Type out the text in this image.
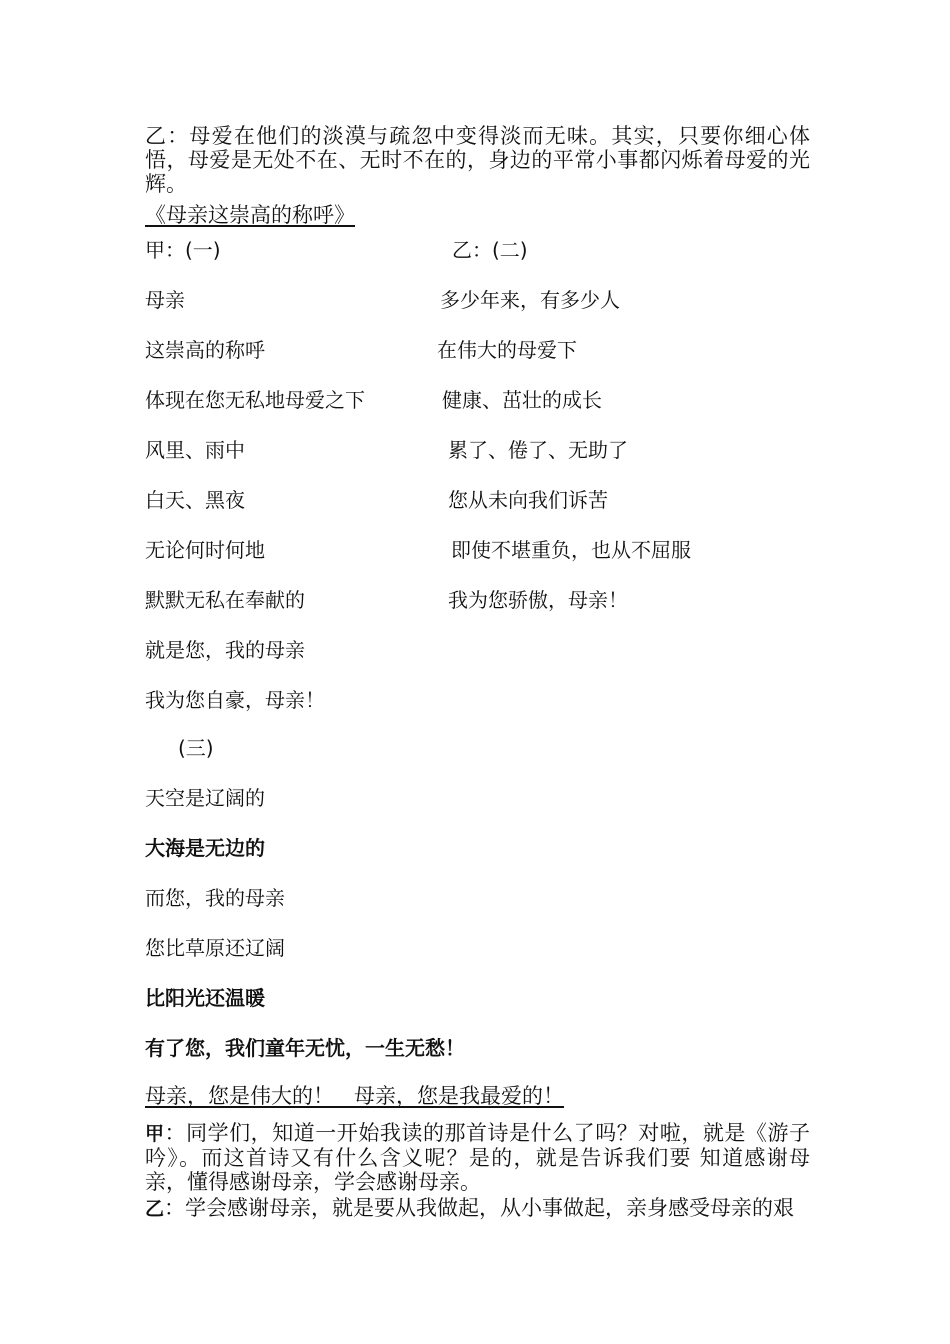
乙：母爱在他们的淡漠与疏忽中变得淡而无味。其实，只要你细心体悟，母爱是无处不在、无时不在的，身边的平常小事都闪烁着母爱的光辉。

《母亲这崇高的称呼》

甲：(一)

母亲

这崇高的称呼

体现在您无私地母爱之下

风里、雨中

白天、黑夜

无论何时何地

默默无私在奉献的

就是您，我的母亲

我为您自豪，母亲！

乙：(二)

多少年来，有多少人

在伟大的母爱下

健康、茁壮的成长

累了、倦了、无助了

您从未向我们诉苦

即使不堪重负，也从不屈服

我为您骄傲，母亲！

(三)

天空是辽阔的

大海是无边的

而您，我的母亲

您比草原还辽阔

比阳光还温暖

有了您，我们童年无忧，一生无愁！

母亲，您是伟大的！   母亲，您是我最爱的！

甲：同学们，知道一开始我读的那首诗是什么了吗？对啦，就是《游子吟》。而这首诗又有什么含义呢？是的，就是告诉我们要 知道感谢母亲，懂得感谢母亲，学会感谢母亲。

乙：学会感谢母亲，就是要从我做起，从小事做起，亲身感受母亲的艰
